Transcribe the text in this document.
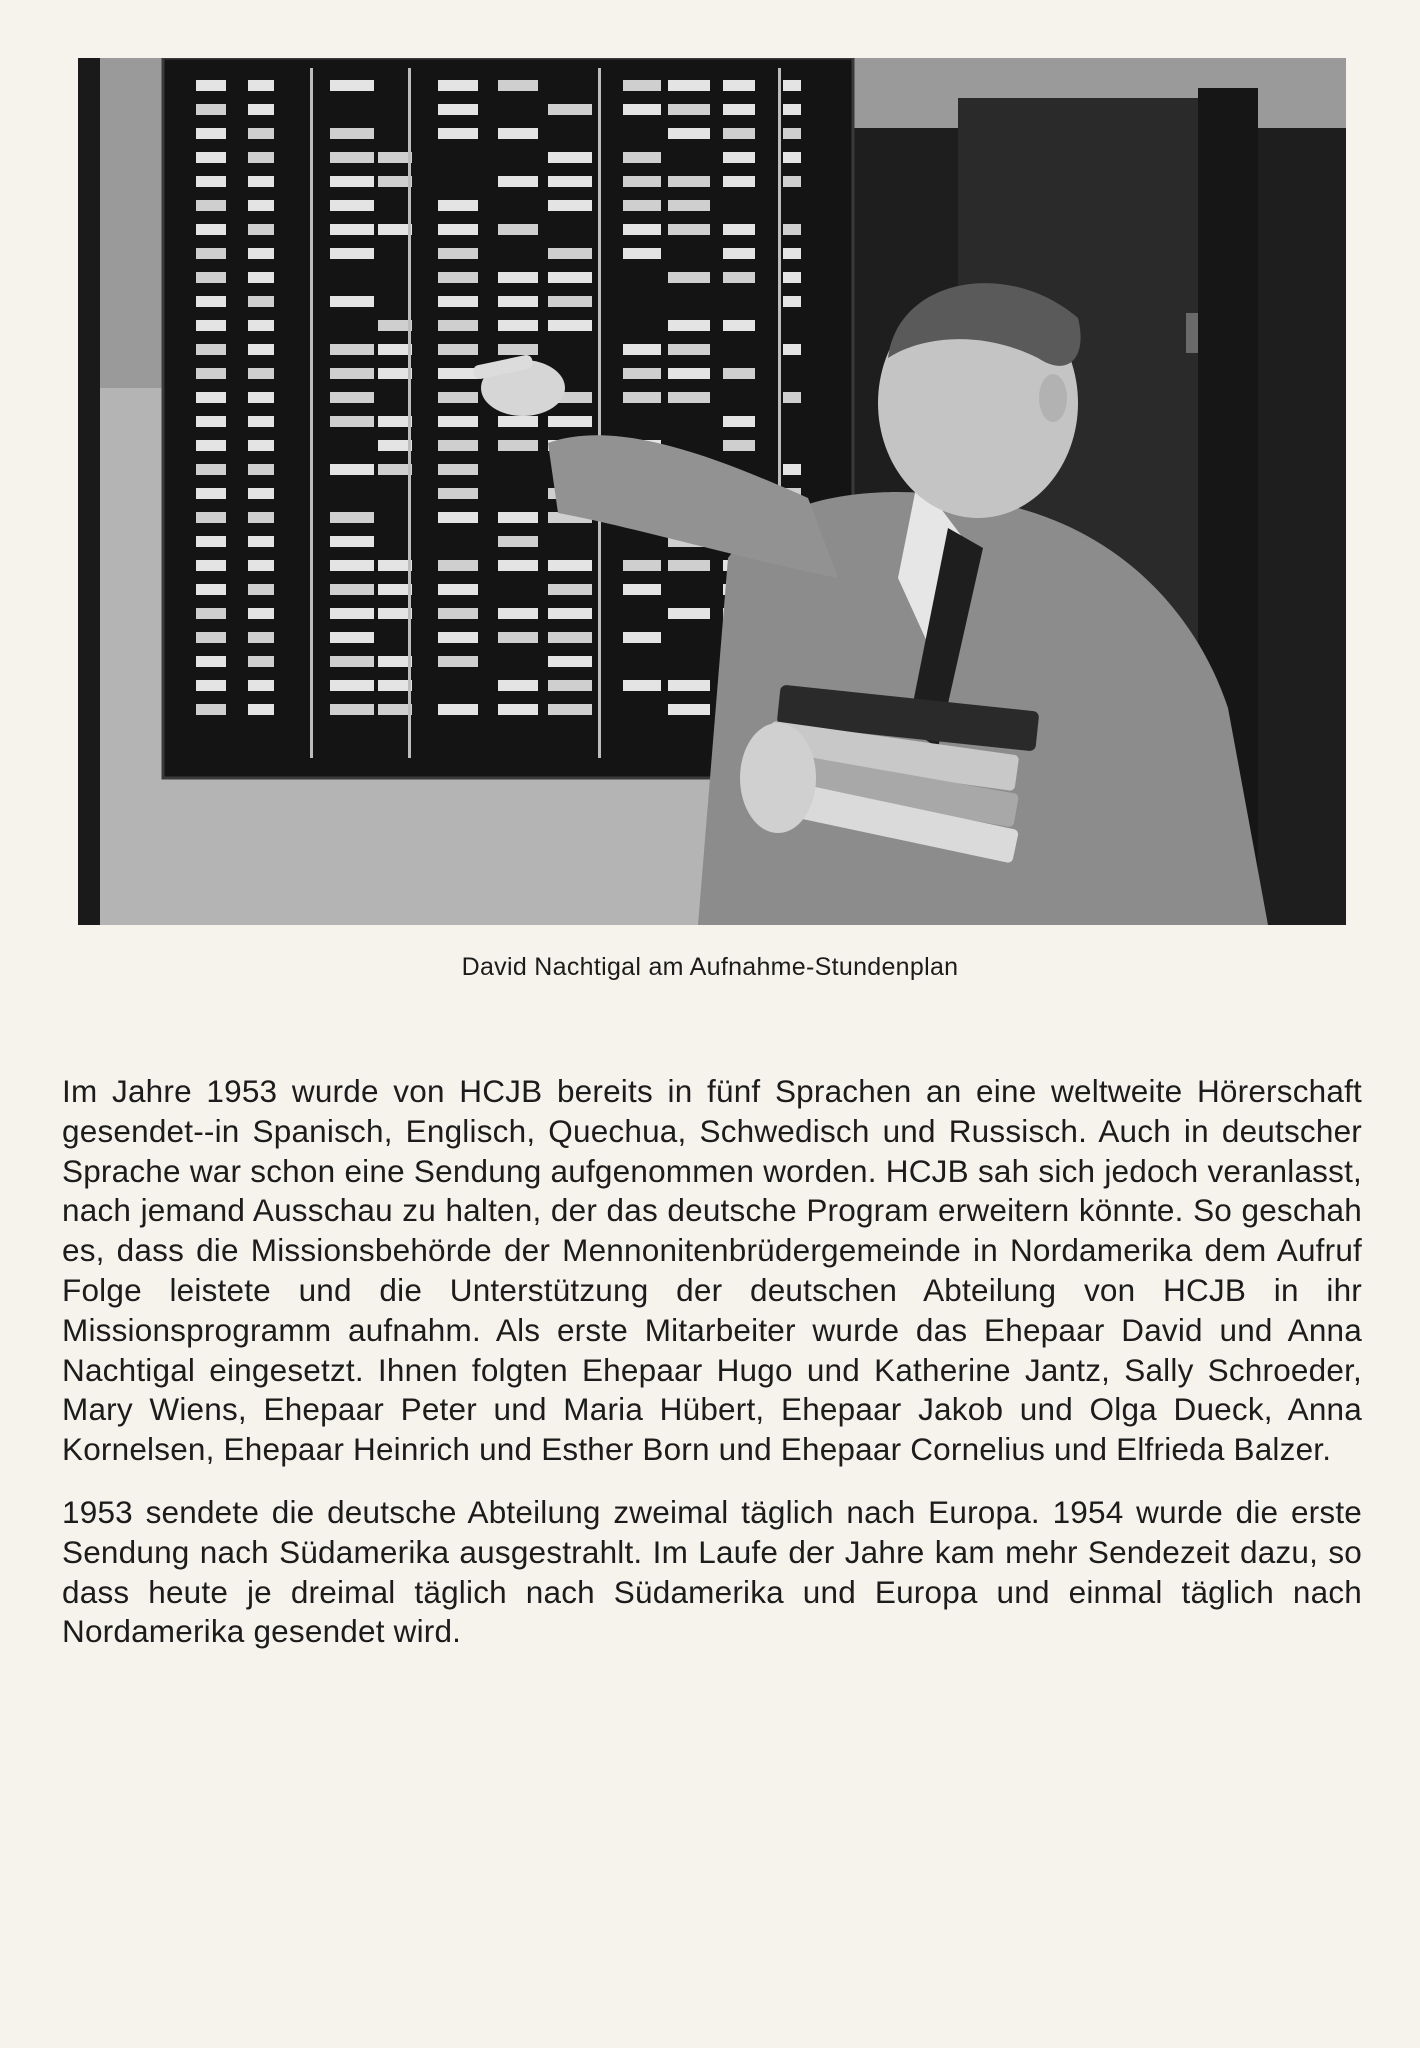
David Nachtigal am Aufnahme-Stundenplan

Im Jahre 1953 wurde von HCJB bereits in fünf Sprachen an eine weltweite Hörerschaft gesendet--in Spanisch, Englisch, Quechua, Schwedisch und Russisch. Auch in deutscher Sprache war schon eine Sendung aufgenommen worden. HCJB sah sich jedoch veranlasst, nach jemand Ausschau zu halten, der das deutsche Program erweitern könnte. So geschah es, dass die Missionsbehörde der Mennonitenbrüdergemeinde in Nordamerika dem Aufruf Folge leistete und die Unterstützung der deutschen Abteilung von HCJB in ihr Missionsprogramm aufnahm. Als erste Mitarbeiter wurde das Ehepaar David und Anna Nachtigal eingesetzt. Ihnen folgten Ehepaar Hugo und Katherine Jantz, Sally Schroeder, Mary Wiens, Ehepaar Peter und Maria Hübert, Ehepaar Jakob und Olga Dueck, Anna Kornelsen, Ehepaar Heinrich und Esther Born und Ehepaar Cornelius und Elfrieda Balzer.

1953 sendete die deutsche Abteilung zweimal täglich nach Europa. 1954 wurde die erste Sendung nach Südamerika ausgestrahlt. Im Laufe der Jahre kam mehr Sendezeit dazu, so dass heute je dreimal täglich nach Südamerika und Europa und einmal täglich nach Nordamerika gesendet wird.
